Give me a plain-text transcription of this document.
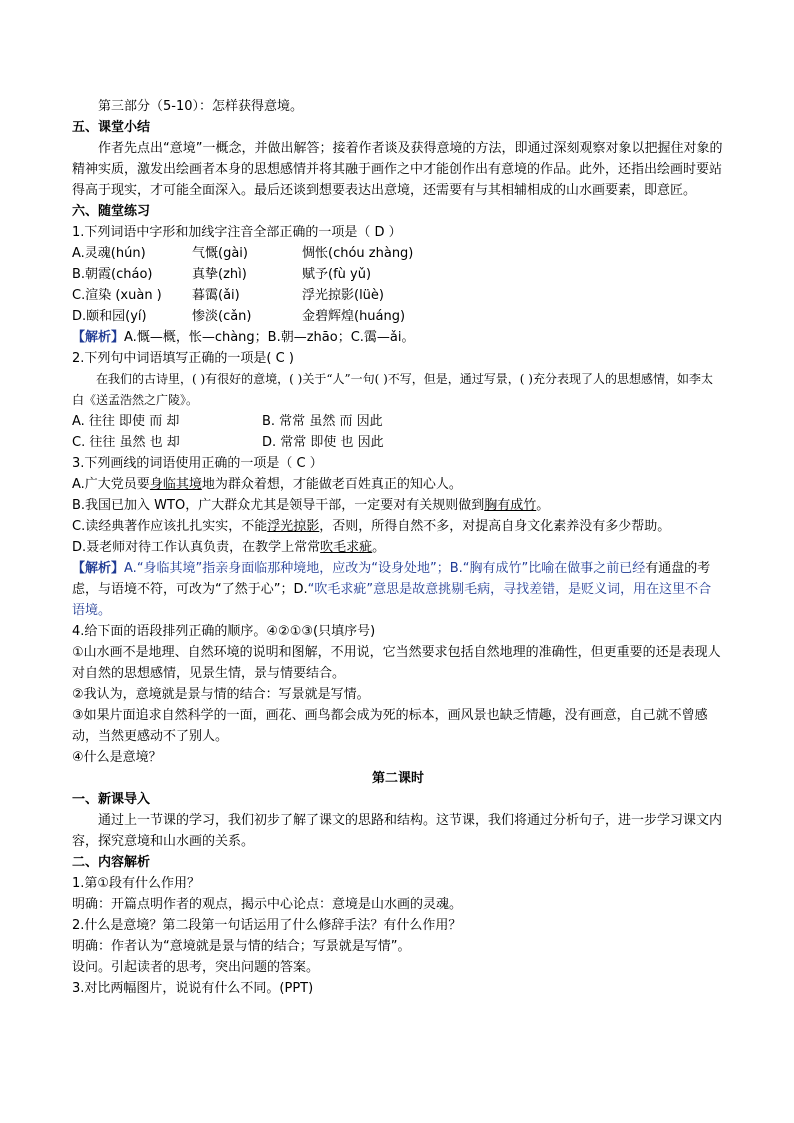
第三部分（5-10）：怎样获得意境。

五、课堂小结

作者先点出“意境”一概念，并做出解答；接着作者谈及获得意境的方法，即通过深刻观察对象以把握住对象的精神实质，激发出绘画者本身的思想感情并将其融于画作之中才能创作出有意境的作品。此外，还指出绘画时要站得高于现实，才可能全面深入。最后还谈到想要表达出意境，还需要有与其相辅相成的山水画要素，即意匠。

六、随堂练习

1.下列词语中字形和加线字注音全部正确的一项是（ D ）

A.灵魂(hún)	气慨(gài)	惆怅(chóu zhàng)
B.朝霞(cháo)	真挚(zhì)	赋予(fù yǔ)
C.渲染 (xuàn )	暮霭(ǎi)	浮光掠影(lüè)
D.颐和园(yí)	惨淡(cǎn)	金碧辉煌(huáng)

【解析】A.慨—概，怅—chàng；B.朝—zhāo；C.霭—ǎi。

2.下列句中词语填写正确的一项是( C )

在我们的古诗里，( )有很好的意境，( )关于“人”一句( )不写，但是，通过写景，( )充分表现了人的思想感情，如李太白《送孟浩然之广陵》。

A. 往往 即使 而 却	B. 常常 虽然 而 因此
C. 往往 虽然 也 却	D. 常常 即使 也 因此

3.下列画线的词语使用正确的一项是（ C ）

A.广大党员要身临其境地为群众着想，才能做老百姓真正的知心人。

B.我国已加入 WTO，广大群众尤其是领导干部，一定要对有关规则做到胸有成竹。

C.读经典著作应该扎扎实实，不能浮光掠影，否则，所得自然不多，对提高自身文化素养没有多少帮助。

D.聂老师对待工作认真负责，在教学上常常吹毛求疵。

【解析】A.“身临其境”指亲身面临那种境地，应改为“设身处地”；B.“胸有成竹”比喻在做事之前已经有通盘的考虑，与语境不符，可改为“了然于心”；D.“吹毛求疵”意思是故意挑剔毛病，寻找差错，是贬义词，用在这里不合语境。

4.给下面的语段排列正确的顺序。④②①③(只填序号)

①山水画不是地理、自然环境的说明和图解，不用说，它当然要求包括自然地理的准确性，但更重要的还是表现人对自然的思想感情，见景生情，景与情要结合。

②我认为，意境就是景与情的结合：写景就是写情。

③如果片面追求自然科学的一面，画花、画鸟都会成为死的标本，画风景也缺乏情趣，没有画意，自己就不曾感动，当然更感动不了别人。

④什么是意境？

第二课时

一、新课导入

通过上一节课的学习，我们初步了解了课文的思路和结构。这节课，我们将通过分析句子，进一步学习课文内容，探究意境和山水画的关系。

二、内容解析

1.第①段有什么作用？

明确：开篇点明作者的观点，揭示中心论点：意境是山水画的灵魂。

2.什么是意境？第二段第一句话运用了什么修辞手法？有什么作用？

明确：作者认为“意境就是景与情的结合；写景就是写情”。

设问。引起读者的思考，突出问题的答案。

3.对比两幅图片，说说有什么不同。(PPT)
